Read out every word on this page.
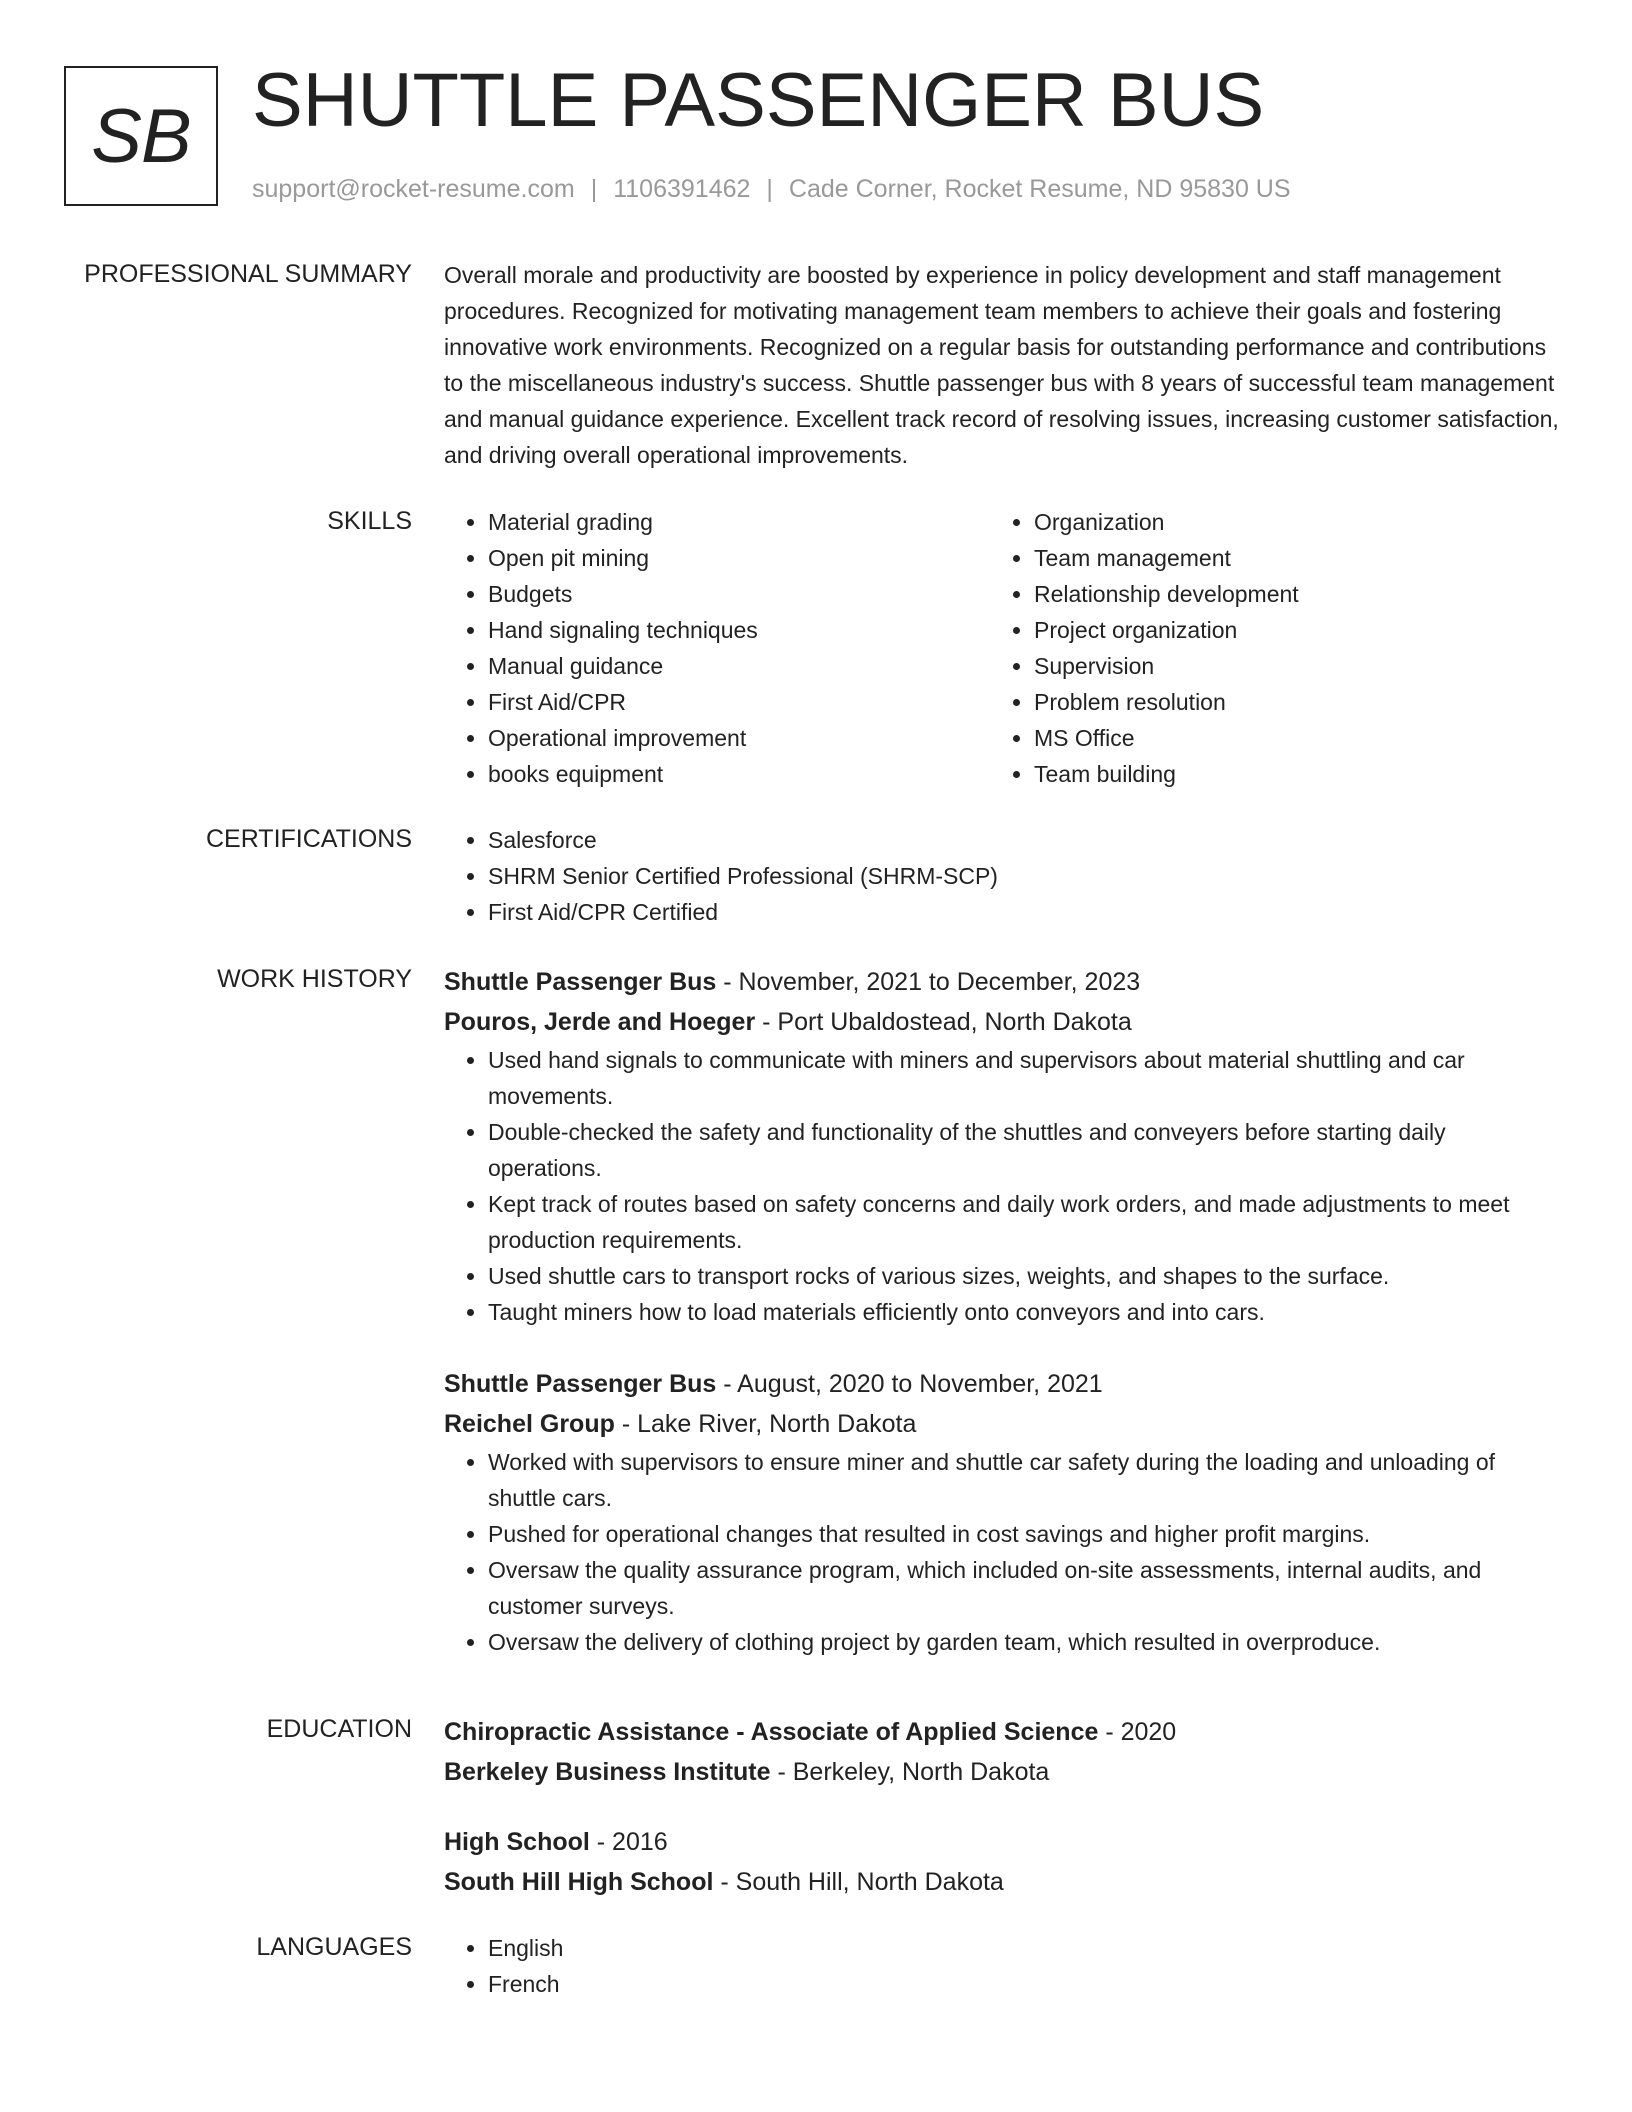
SB SHUTTLE PASSENGER BUS
support@rocket-resume.com | 1106391462 | Cade Corner, Rocket Resume, ND 95830 US
PROFESSIONAL SUMMARY Overall morale and productivity are boosted by experience in policy development and staff management procedures. Recognized for motivating management team members to achieve their goals and fostering innovative work environments. Recognized on a regular basis for outstanding performance and contributions to the miscellaneous industry's success. Shuttle passenger bus with 8 years of successful team management and manual guidance experience. Excellent track record of resolving issues, increasing customer satisfaction, and driving overall operational improvements.

SKILLS	• Material grading
• Open pit mining
• Budgets
• Hand signaling techniques
• Manual guidance
• First Aid/CPR
• Operational improvement
• books equipment
• Organization
• Team management
• Relationship development
• Project organization
• Supervision
• Problem resolution
• MS Office
• Team building
CERTIFICATIONS	• Salesforce
• SHRM Senior Certified Professional (SHRM-SCP)
• First Aid/CPR Certified
WORK HISTORY Shuttle Passenger Bus - November, 2021 to December, 2023
Pouros, Jerde and Hoeger - Port Ubaldostead, North Dakota
• Used hand signals to communicate with miners and supervisors about material shuttling and car movements.
• Double-checked the safety and functionality of the shuttles and conveyers before starting daily operations.
• Kept track of routes based on safety concerns and daily work orders, and made adjustments to meet production requirements.
• Used shuttle cars to transport rocks of various sizes, weights, and shapes to the surface.
• Taught miners how to load materials efficiently onto conveyors and into cars.
Shuttle Passenger Bus - August, 2020 to November, 2021
Reichel Group - Lake River, North Dakota
• Worked with supervisors to ensure miner and shuttle car safety during the loading and unloading of shuttle cars.
• Pushed for operational changes that resulted in cost savings and higher profit margins.
• Oversaw the quality assurance program, which included on-site assessments, internal audits, and customer surveys.
• Oversaw the delivery of clothing project by garden team, which resulted in overproduce.
EDUCATION Chiropractic Assistance - Associate of Applied Science - 2020
Berkeley Business Institute - Berkeley, North Dakota
High School - 2016
South Hill High School - South Hill, North Dakota
LANGUAGES	• English
• French
